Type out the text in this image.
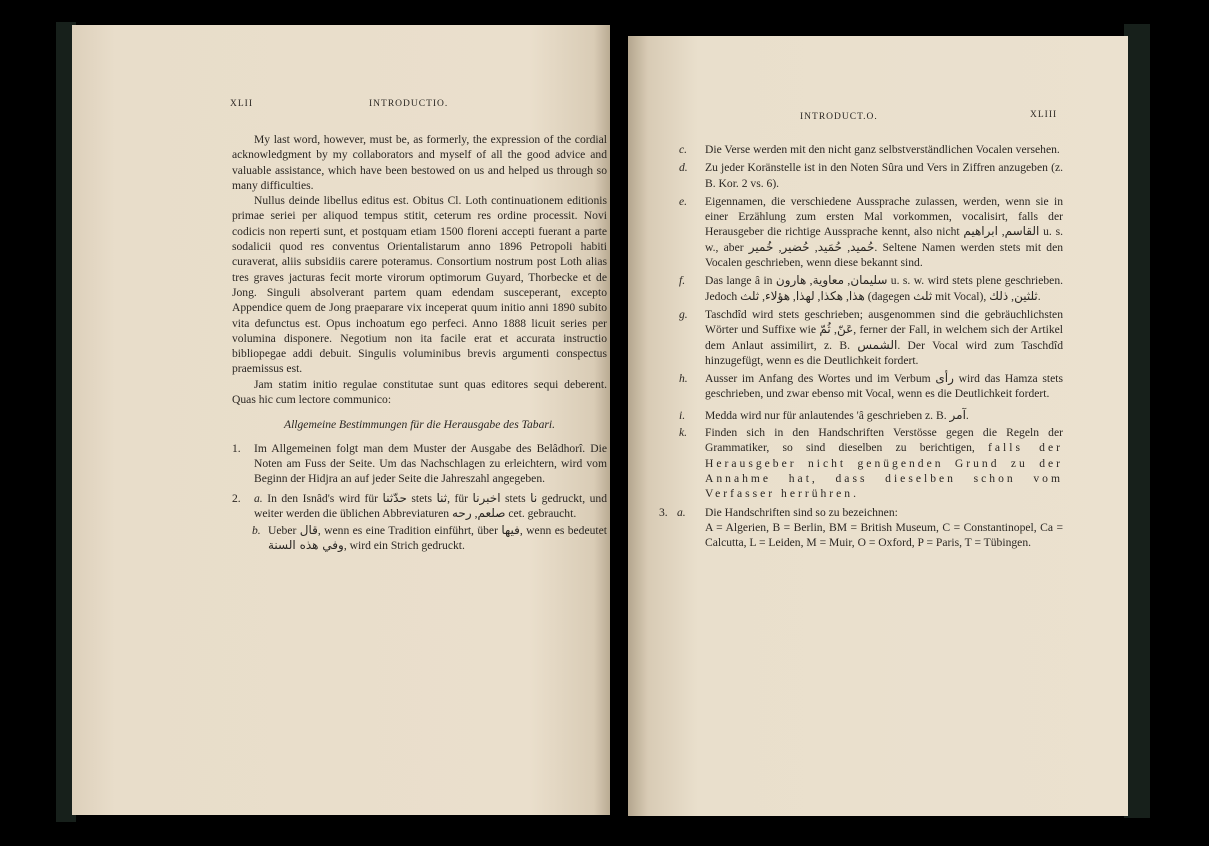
XLII	INTRODUCTIO.

My last word, however, must be, as formerly, the expression of the cordial acknowledgment by my collaborators and myself of all the good advice and valuable assistance, which have been bestowed on us and helped us through so many difficulties.

Nullus deinde libellus editus est. Obitus Cl. Loth continuationem editionis primae seriei per aliquod tempus stitit, ceterum res ordine processit. Novi codicis non reperti sunt, et postquam etiam 1500 floreni accepti fuerant a parte sodalicii quod res conventus Orientalistarum anno 1896 Petropoli habiti curaverat, aliis subsidiis carere poteramus. Consortium nostrum post Loth alias tres graves jacturas fecit morte virorum optimorum Guyard, Thorbecke et de Jong. Singuli absolverant partem quam edendam susceperant, excepto Appendice quem de Jong praeparare vix inceperat quum initio anni 1890 subito vita defunctus est. Opus inchoatum ego perfeci. Anno 1888 licuit series per volumina disponere. Negotium non ita facile erat et accurata instructio bibliopegae addi debuit. Singulis voluminibus brevis argumenti conspectus praemissus est.

Jam statim initio regulae constitutae sunt quas editores sequi deberent. Quas hic cum lectore communico:

Allgemeine Bestimmungen für die Herausgabe des Tabari.
1. Im Allgemeinen folgt man dem Muster der Ausgabe des Belâdhorî. Die Noten am Fuss der Seite. Um das Nachschlagen zu erleichtern, wird vom Beginn der Hidjra an auf jeder Seite die Jahreszahl angegeben.
2. a. In den Isnâd's wird für حدّثنا stets ثنا, für اخبرنا stets نا gedruckt, und weiter werden die üblichen Abbreviaturen صلعم, رحه	cet. gebraucht.
b. Ueber قال, wenn es eine Tradition einführt, über فيها, wenn es bedeutet وفي هذه السنة, wird ein Strich gedruckt.
INTRODUCT.O.	XLIII
c. Die Verse werden mit den nicht ganz selbstverständlichen Vocalen versehen.
d. Zu jeder Koränstelle ist in den Noten Sûra und Vers in Ziffren anzugeben (z. B. Kor. 2 vs. 6).
e. Eigennamen, die verschiedene Aussprache zulassen, werden, wenn sie in einer Erzählung zum ersten Mal vorkommen, vocalisirt, falls der Herausgeber die richtige Aussprache kennt, also nicht	القاسم, ابراهيم	u. s. w., aber	حُميد, حُمَيد, حُضير, خُمير	. Seltene Namen werden stets mit den Vocalen geschrieben, wenn diese bekannt sind.
f. Das lange â in	سليمان, معاوية, هارون	u. s. w. wird stets plene geschrieben. Jedoch	هذا, هكذا, لهذا, هؤلاء, ثلث	(dagegen ثلث mit Vocal), ثلثين, ذلك	.
g. Taschdîd wird stets geschrieben; ausgenommen sind die gebräuchlichsten Wörter und Suffixe wie عَنّ, ثُمّ , ferner der Fall, in welchem sich der Artikel dem Anlaut assimilirt, z. B. الشمس. Der Vocal wird zum Taschdîd hinzugefügt, wenn es die Deutlichkeit fordert.
h. Ausser im Anfang des Wortes und im Verbum رأى wird das Hamza stets geschrieben, und zwar ebenso mit Vocal, wenn es die Deutlichkeit fordert.
i. Medda wird nur für anlautendes 'â geschrieben z. B. آمر.
k. Finden sich in den Handschriften Verstösse gegen die Regeln der Grammatiker, so sind dieselben zu berichtigen, falls der Herausgeber nicht genügenden Grund zu der Annahme hat, dass dieselben schon vom Verfasser herrühren.
3. a. Die Handschriften sind so zu bezeichnen:
A = Algerien, B = Berlin, BM = British Museum, C = Constantinopel, Ca = Calcutta, L = Leiden, M = Muir, O = Oxford, P = Paris, T = Tübingen.
